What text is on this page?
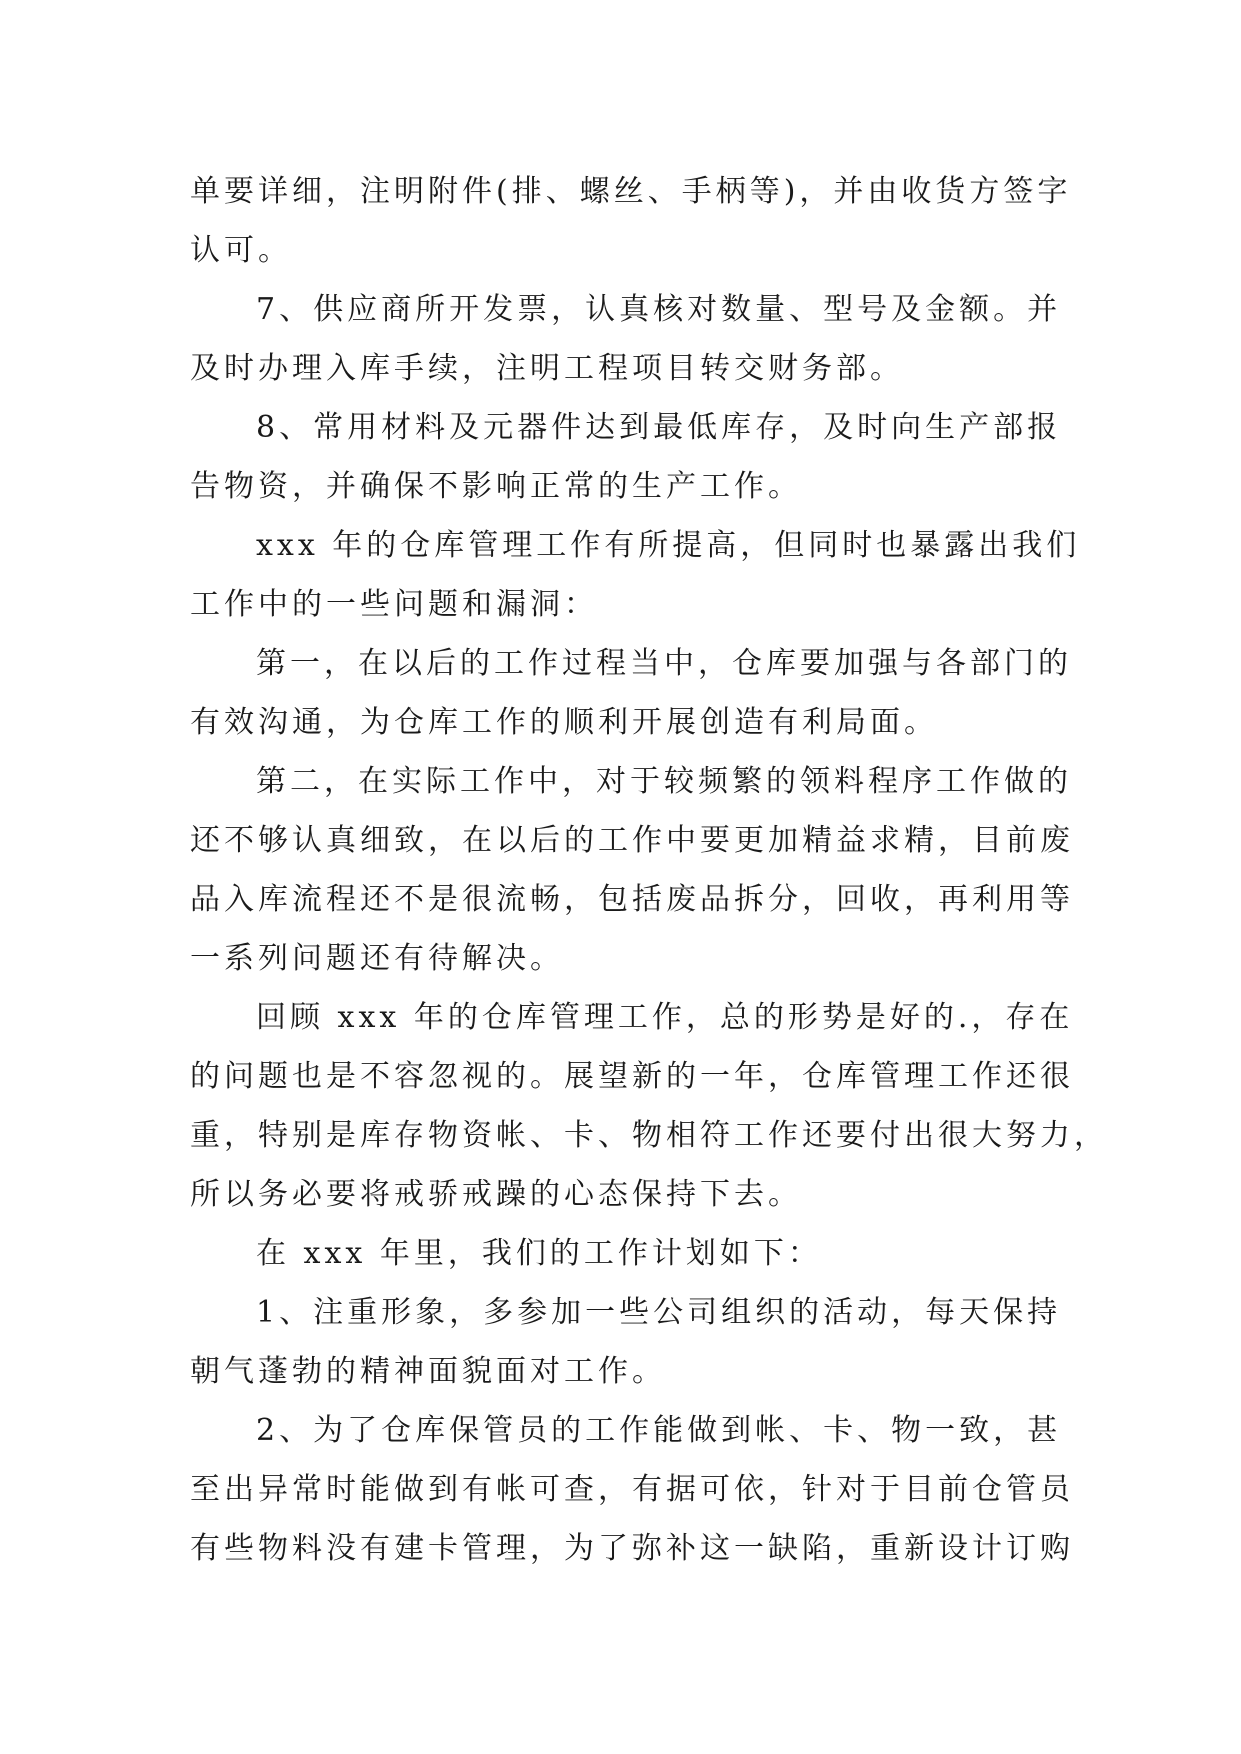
单要详细，注明附件(排、螺丝、手柄等)，并由收货方签字
认可。
7、供应商所开发票，认真核对数量、型号及金额。并
及时办理入库手续，注明工程项目转交财务部。
8、常用材料及元器件达到最低库存，及时向生产部报
告物资，并确保不影响正常的生产工作。
xxx 年的仓库管理工作有所提高，但同时也暴露出我们
工作中的一些问题和漏洞：
第一，在以后的工作过程当中，仓库要加强与各部门的
有效沟通，为仓库工作的顺利开展创造有利局面。
第二，在实际工作中，对于较频繁的领料程序工作做的
还不够认真细致，在以后的工作中要更加精益求精，目前废
品入库流程还不是很流畅，包括废品拆分，回收，再利用等
一系列问题还有待解决。
回顾 xxx 年的仓库管理工作，总的形势是好的.，存在
的问题也是不容忽视的。展望新的一年，仓库管理工作还很
重，特别是库存物资帐、卡、物相符工作还要付出很大努力，
所以务必要将戒骄戒躁的心态保持下去。
在 xxx 年里，我们的工作计划如下：
1、注重形象，多参加一些公司组织的活动，每天保持
朝气蓬勃的精神面貌面对工作。
2、为了仓库保管员的工作能做到帐、卡、物一致，甚
至出异常时能做到有帐可查，有据可依，针对于目前仓管员
有些物料没有建卡管理，为了弥补这一缺陷，重新设计订购
